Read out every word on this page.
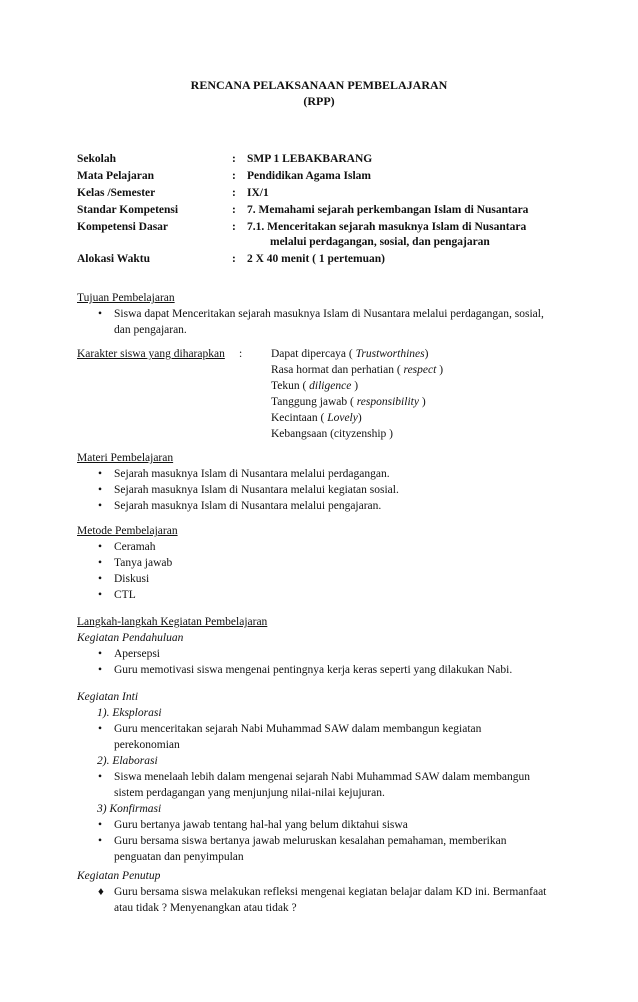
RENCANA PELAKSANAAN PEMBELAJARAN
(RPP)
Sekolah	: SMP 1 LEBAKBARANG
Mata Pelajaran	: Pendidikan Agama Islam
Kelas /Semester	: IX/1
Standar Kompetensi	: 7. Memahami sejarah perkembangan Islam di Nusantara
Kompetensi Dasar	: 7.1. Menceritakan sejarah masuknya Islam di Nusantara
melalui perdagangan, sosial, dan pengajaran
Alokasi Waktu	: 2 X 40 menit ( 1 pertemuan)
Tujuan Pembelajaran
• Siswa dapat Menceritakan sejarah masuknya Islam di Nusantara melalui perdagangan, sosial,
dan pengajaran.
Karakter siswa yang diharapkan :	Dapat dipercaya ( Trustworthines)
Rasa hormat dan perhatian ( respect )
Tekun ( diligence )
Tanggung jawab ( responsibility )
Kecintaan ( Lovely)
Kebangsaan (cityzenship )
Materi Pembelajaran
• Sejarah masuknya Islam di Nusantara melalui perdagangan.
• Sejarah masuknya Islam di Nusantara melalui kegiatan sosial.
• Sejarah masuknya Islam di Nusantara melalui pengajaran.
Metode Pembelajaran
• Ceramah
• Tanya jawab
• Diskusi
• CTL
Langkah-langkah Kegiatan Pembelajaran
Kegiatan Pendahuluan
• Apersepsi
• Guru memotivasi siswa mengenai pentingnya kerja keras seperti yang dilakukan Nabi.
Kegiatan Inti
1). Eksplorasi
• Guru menceritakan sejarah Nabi Muhammad SAW dalam membangun kegiatan
perekonomian
2). Elaborasi
• Siswa menelaah lebih dalam mengenai sejarah Nabi Muhammad SAW dalam membangun
sistem perdagangan yang menjunjung nilai-nilai kejujuran.
3) Konfirmasi
• Guru bertanya jawab tentang hal-hal yang belum diktahui siswa
• Guru bersama siswa bertanya jawab meluruskan kesalahan pemahaman, memberikan
penguatan dan penyimpulan
Kegiatan Penutup
♦ Guru bersama siswa melakukan refleksi mengenai kegiatan belajar dalam KD ini. Bermanfaat
atau tidak ? Menyenangkan atau tidak ?
